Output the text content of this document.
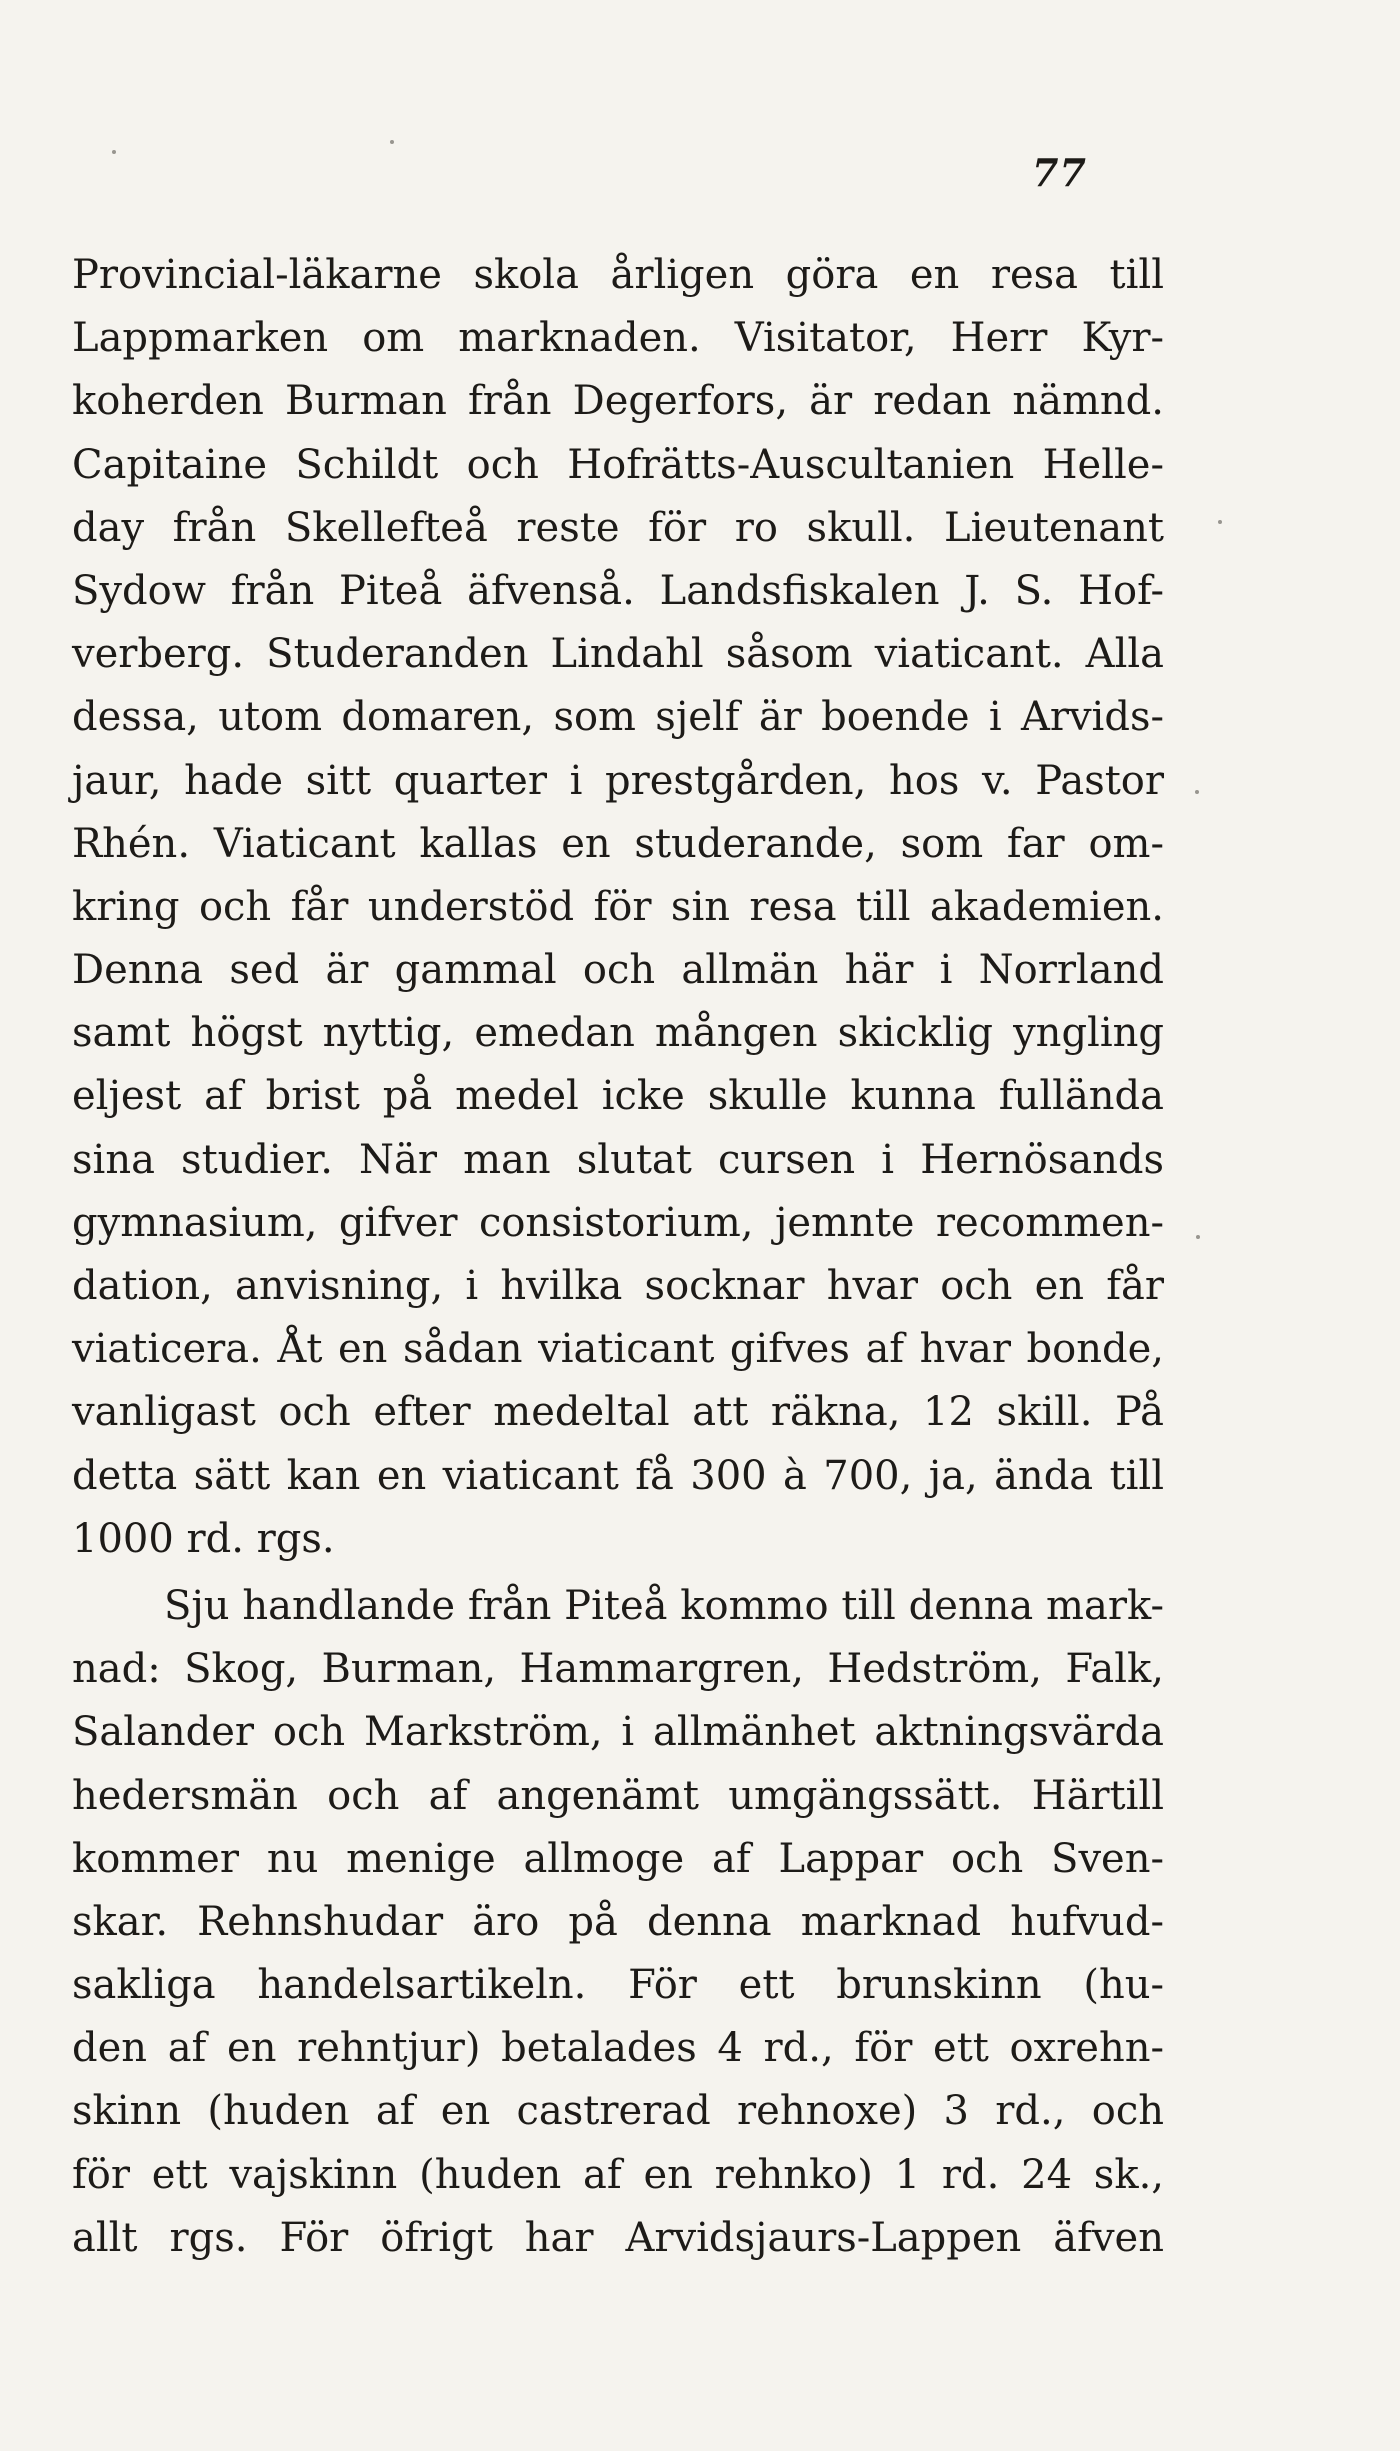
77
Provincial-läkarne skola årligen göra en resa till
Lappmarken om marknaden. Visitator, Herr Kyr-
koherden Burman från Degerfors, är redan nämnd.
Capitaine Schildt och Hofrätts-Auscultanien Helle-
day från Skellefteå reste för ro skull. Lieutenant
Sydow från Piteå äfvenså. Landsfiskalen J. S. Hof-
verberg. Studeranden Lindahl såsom viaticant. Alla
dessa, utom domaren, som sjelf är boende i Arvids-
jaur, hade sitt quarter i prestgården, hos v. Pastor
Rhén. Viaticant kallas en studerande, som far om-
kring och får understöd för sin resa till akademien.
Denna sed är gammal och allmän här i Norrland
samt högst nyttig, emedan mången skicklig yngling
eljest af brist på medel icke skulle kunna fullända
sina studier. När man slutat cursen i Hernösands
gymnasium, gifver consistorium, jemnte recommen-
dation, anvisning, i hvilka socknar hvar och en får
viaticera. Åt en sådan viaticant gifves af hvar bonde,
vanligast och efter medeltal att räkna, 12 skill. På
detta sätt kan en viaticant få 300 à 700, ja, ända till
1000 rd. rgs.
Sju handlande från Piteå kommo till denna mark-
nad: Skog, Burman, Hammargren, Hedström, Falk,
Salander och Markström, i allmänhet aktningsvärda
hedersmän och af angenämt umgängssätt. Härtill
kommer nu menige allmoge af Lappar och Sven-
skar. Rehnshudar äro på denna marknad hufvud-
sakliga handelsartikeln. För ett brunskinn (hu-
den af en rehntjur) betalades 4 rd., för ett oxrehn-
skinn (huden af en castrerad rehnoxe) 3 rd., och
för ett vajskinn (huden af en rehnko) 1 rd. 24 sk.,
allt rgs. För öfrigt har Arvidsjaurs-Lappen äfven
